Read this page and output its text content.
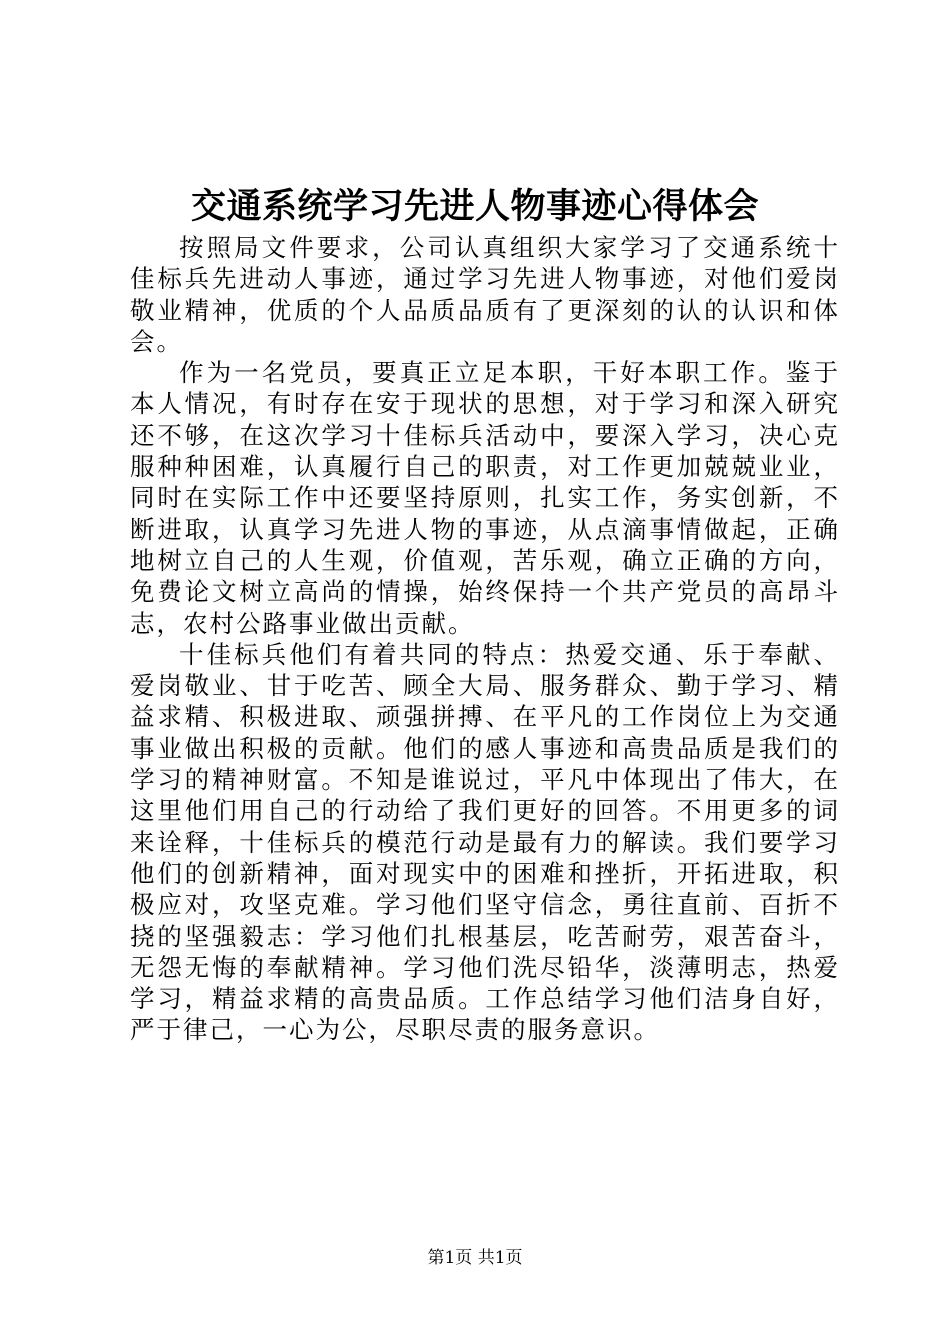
交通系统学习先进人物事迹心得体会

按照局文件要求，公司认真组织大家学习了交通系统十佳标兵先进动人事迹，通过学习先进人物事迹，对他们爱岗敬业精神，优质的个人品质品质有了更深刻的认的认识和体会。

作为一名党员，要真正立足本职，干好本职工作。鉴于本人情况，有时存在安于现状的思想，对于学习和深入研究还不够，在这次学习十佳标兵活动中，要深入学习，决心克服种种困难，认真履行自己的职责，对工作更加兢兢业业，同时在实际工作中还要坚持原则，扎实工作，务实创新，不断进取，认真学习先进人物的事迹，从点滴事情做起，正确地树立自己的人生观，价值观，苦乐观，确立正确的方向，免费论文树立高尚的情操，始终保持一个共产党员的高昂斗志，农村公路事业做出贡献。

十佳标兵他们有着共同的特点：热爱交通、乐于奉献、爱岗敬业、甘于吃苦、顾全大局、服务群众、勤于学习、精益求精、积极进取、顽强拼搏、在平凡的工作岗位上为交通事业做出积极的贡献。他们的感人事迹和高贵品质是我们的学习的精神财富。不知是谁说过，平凡中体现出了伟大，在这里他们用自己的行动给了我们更好的回答。不用更多的词来诠释，十佳标兵的模范行动是最有力的解读。我们要学习他们的创新精神，面对现实中的困难和挫折，开拓进取，积极应对，攻坚克难。学习他们坚守信念，勇往直前、百折不挠的坚强毅志：学习他们扎根基层，吃苦耐劳，艰苦奋斗，无怨无悔的奉献精神。学习他们洗尽铅华，淡薄明志，热爱学习，精益求精的高贵品质。工作总结学习他们洁身自好，严于律己，一心为公，尽职尽责的服务意识。

第1页 共1页
